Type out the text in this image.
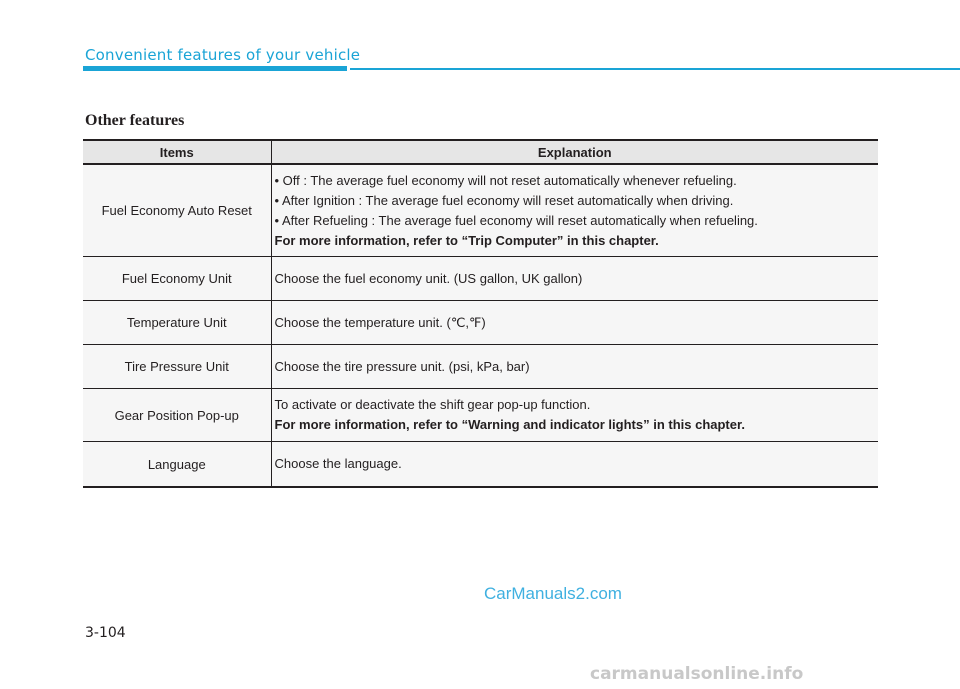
Convenient features of your vehicle
Other features
Items	Explanation
Fuel Economy Auto Reset	• Off : The average fuel economy will not reset automatically whenever refueling.
• After Ignition : The average fuel economy will reset automatically when driving.
• After Refueling : The average fuel economy will reset automatically when refueling.
For more information, refer to “Trip Computer” in this chapter.

Fuel Economy Unit	Choose the fuel economy unit. (US gallon, UK gallon)

Temperature Unit	Choose the temperature unit. (℃,℉)

Tire Pressure Unit	Choose the tire pressure unit. (psi, kPa, bar)

Gear Position Pop-up	To activate or deactivate the shift gear pop-up function.
For more information, refer to “Warning and indicator lights” in this chapter.

Language	Choose the language.
CarManuals2.com
3-104
carmanualsonline.info
